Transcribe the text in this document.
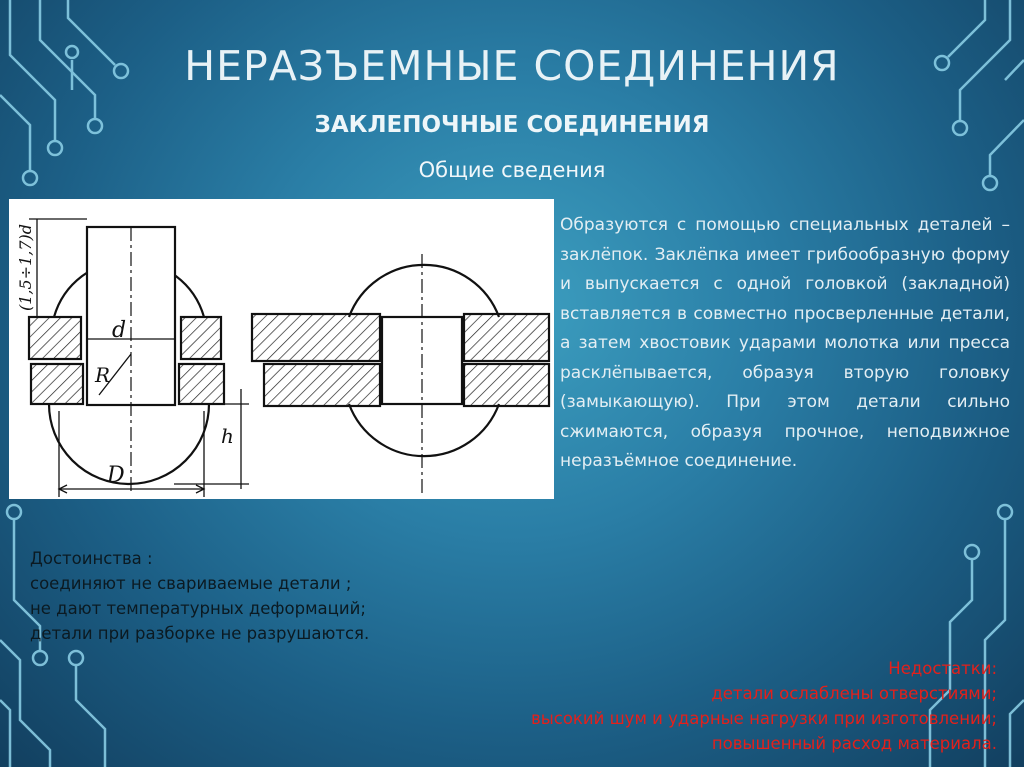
НЕРАЗЪЕМНЫЕ СОЕДИНЕНИЯ
ЗАКЛЕПОЧНЫЕ СОЕДИНЕНИЯ
Общие сведения
(1,5÷1,7)d
d
R
h
D
Образуются с помощью специальных деталей – заклёпок. Заклёпка имеет грибообразную форму и выпускается с одной головкой (закладной) вставляется в совместно просверленные детали, а затем хвостовик ударами молотка или пресса расклёпывается, образуя вторую головку (замыкающую). При этом детали сильно сжимаются, образуя прочное, неподвижное неразъёмное соединение.
Достоинства :
соединяют не свариваемые детали ;
не дают температурных деформаций;
детали при разборке не разрушаются.
Недостатки:
детали ослаблены отверстиями;
высокий шум и ударные нагрузки при изготовлении;
повышенный расход материала.
